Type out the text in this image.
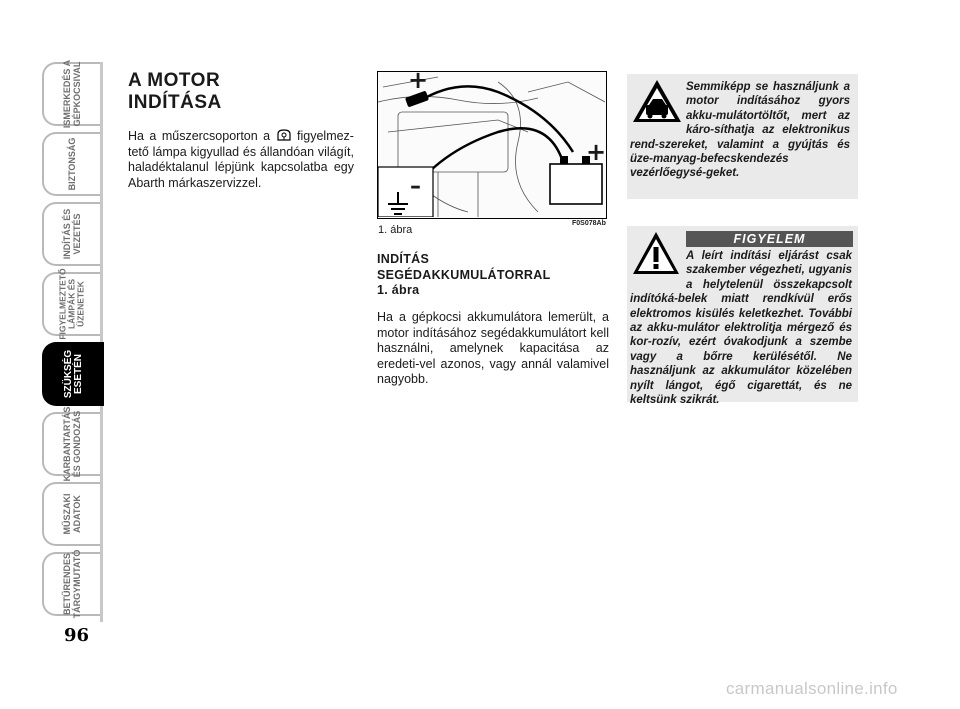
ISMERKEDÉS A
GÉPKOCSIVAL
BIZTONSÁG
INDÍTÁS ÉS
VEZETÉS
FIGYELMEZTETŐ
LÁMPÁK ÉS
ÜZENETEK
SZÜKSÉG
ESETÉN
KARBANTARTÁS
ÉS GONDOZÁS
MŰSZAKI
ADATOK
BETŰRENDES
TÁRGYMUTATÓ
96
A MOTOR
INDÍTÁSA
Ha a műszercsoporton a figyelmez-tető lámpa kigyullad és állandóan világít, haladéktalanul lépjünk kapcsolatba egy Abarth márkaszervizzel.
+
+
–
1. ábra
F0S078Ab
INDÍTÁS
SEGÉDAKKUMULÁTORRAL
1. ábra
Ha a gépkocsi akkumulátora lemerült, a motor indításához segédakkumulátort kell használni, amelynek kapacitása az eredeti-vel azonos, vagy annál valamivel nagyobb.
Semmiképp se használjunk a motor indításához gyors akku-mulátortöltőt, mert az káro-síthatja az elektronikus rend-szereket, valamint a gyújtás és üze-manyag-befecskendezés vezérlőegysé-geket.
FIGYELEM
A leírt indítási eljárást csak szakember végezheti, ugyanis a helytelenül összekapcsolt indítóká-belek miatt rendkívül erős elektromos kisülés keletkezhet. További az akku-mulátor elektrolitja mérgező és kor-rozív, ezért óvakodjunk a szembe vagy a bőrre kerülésétől. Ne használjunk az akkumulátor közelében nyílt lángot, égő cigarettát, és ne keltsünk szikrát.
carmanualsonline.info
